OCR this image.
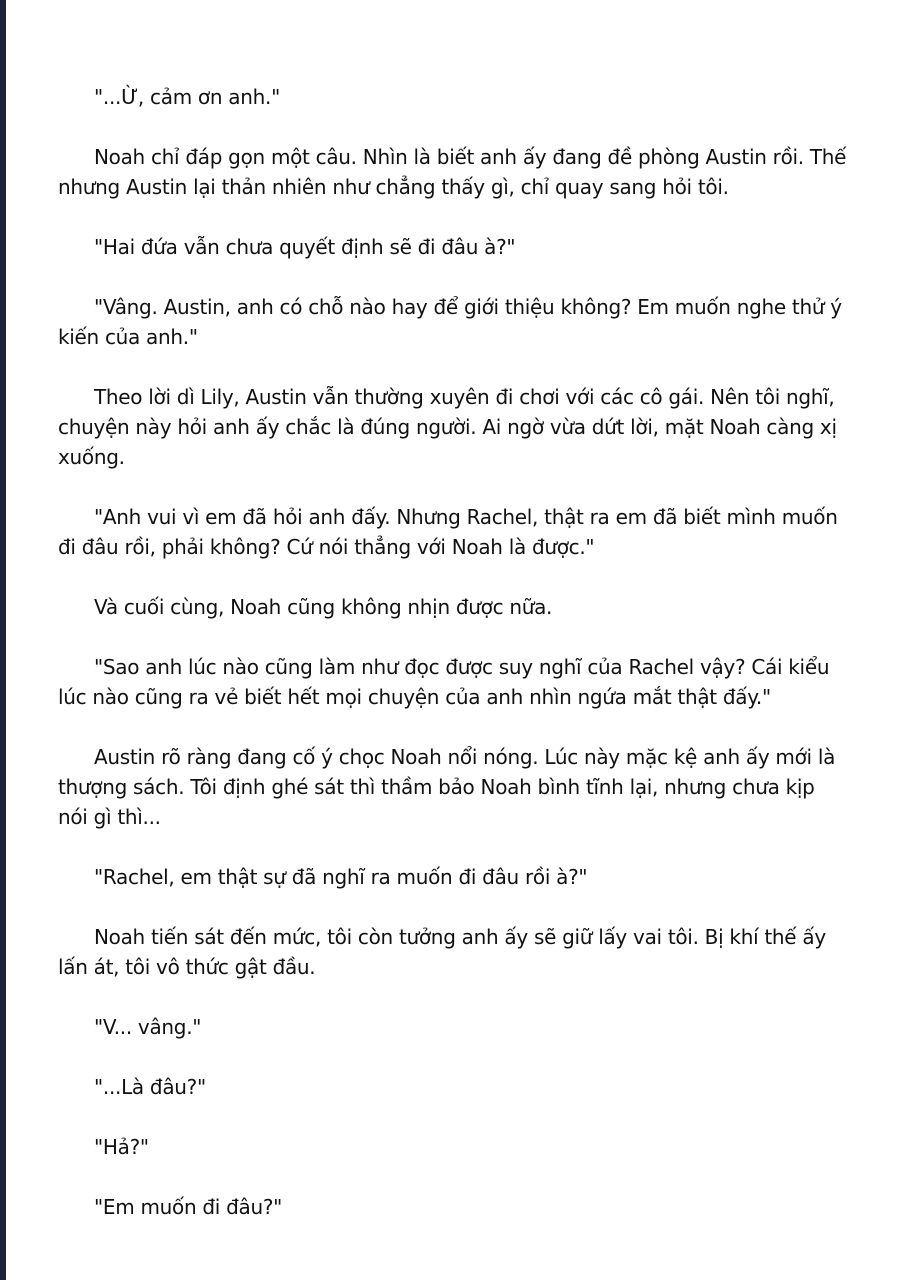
"...Ừ, cảm ơn anh."

Noah chỉ đáp gọn một câu. Nhìn là biết anh ấy đang đề phòng Austin rồi. Thế nhưng Austin lại thản nhiên như chẳng thấy gì, chỉ quay sang hỏi tôi.

"Hai đứa vẫn chưa quyết định sẽ đi đâu à?"

"Vâng. Austin, anh có chỗ nào hay để giới thiệu không? Em muốn nghe thử ý kiến của anh."

Theo lời dì Lily, Austin vẫn thường xuyên đi chơi với các cô gái. Nên tôi nghĩ, chuyện này hỏi anh ấy chắc là đúng người. Ai ngờ vừa dứt lời, mặt Noah càng xị xuống.

"Anh vui vì em đã hỏi anh đấy. Nhưng Rachel, thật ra em đã biết mình muốn đi đâu rồi, phải không? Cứ nói thẳng với Noah là được."

Và cuối cùng, Noah cũng không nhịn được nữa.

"Sao anh lúc nào cũng làm như đọc được suy nghĩ của Rachel vậy? Cái kiểu lúc nào cũng ra vẻ biết hết mọi chuyện của anh nhìn ngứa mắt thật đấy."

Austin rõ ràng đang cố ý chọc Noah nổi nóng. Lúc này mặc kệ anh ấy mới là thượng sách. Tôi định ghé sát thì thầm bảo Noah bình tĩnh lại, nhưng chưa kịp nói gì thì...

"Rachel, em thật sự đã nghĩ ra muốn đi đâu rồi à?"

Noah tiến sát đến mức, tôi còn tưởng anh ấy sẽ giữ lấy vai tôi. Bị khí thế ấy lấn át, tôi vô thức gật đầu.

"V... vâng."

"...Là đâu?"

"Hả?"

"Em muốn đi đâu?"
